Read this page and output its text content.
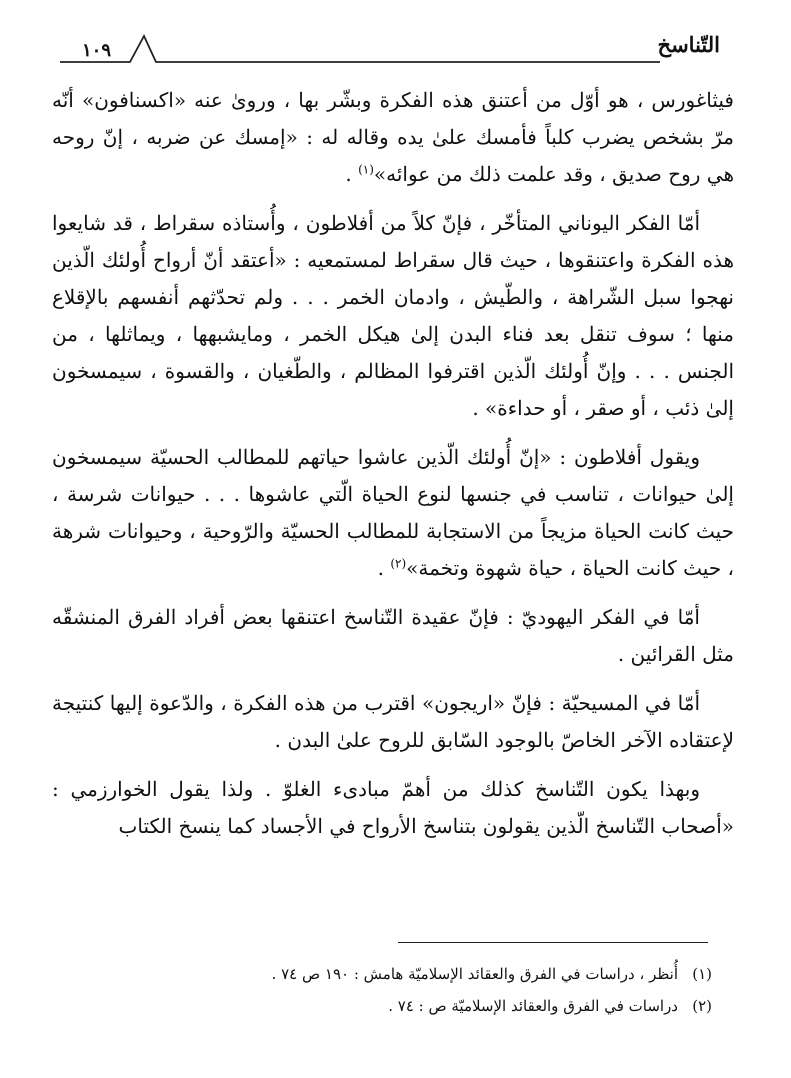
التّناسخ
١٠٩

فيثاغورس ، هو أوّل من أعتنق هذه الفكرة وبشّر بها ، وروىٰ عنه «اكسنافون» أنّه مرّ بشخص يضرب كلباً فأمسك علىٰ يده وقاله له : «إمسك عن ضربه ، إنّ روحه هي روح صديق ، وقد علمت ذلك من عوائه»$^{(١)}$ .

أمّا الفكر اليوناني المتأخّر ، فإنّ كلاً من أفلاطون ، وأُستاذه سقراط ، قد شايعوا هذه الفكرة واعتنقوها ، حيث قال سقراط لمستمعيه : «أعتقد أنّ أرواح أُولئك الّذين نهجوا سبل الشّراهة ، والطّيش ، وادمان الخمر . . . ولم تحدّثهم أنفسهم بالإقلاع منها ؛ سوف تنقل بعد فناء البدن إلىٰ هيكل الخمر ، ومايشبهها ، ويماثلها ، من الجنس . . . وإنّ أُولئك الّذين اقترفوا المظالم ، والطّغيان ، والقسوة ، سيمسخون إلىٰ ذئب ، أو صقر ، أو حداءة» .

ويقول أفلاطون : «إنّ أُولئك الّذين عاشوا حياتهم للمطالب الحسيّة سيمسخون إلىٰ حيوانات ، تناسب في جنسها لنوع الحياة الّتي عاشوها . . . حيوانات شرسة ، حيث كانت الحياة مزيجاً من الاستجابة للمطالب الحسيّة والرّوحية ، وحيوانات شرهة ، حيث كانت الحياة ، حياة شهوة وتخمة»$^{(٢)}$ .

أمّا في الفكر اليهوديّ : فإنّ عقيدة التّناسخ اعتنقها بعض أفراد الفرق المنشقّه مثل القرائين .

أمّا في المسيحيّة : فإنّ «اريجون» اقترب من هذه الفكرة ، والدّعوة إليها كنتيجة لإعتقاده الآخر الخاصّ بالوجود السّابق للروح علىٰ البدن .

وبهذا يكون التّناسخ كذلك من أهمّ مبادىء الغلوّ . ولذا يقول الخوارزمي : «أصحاب التّناسخ الّذين يقولون بتناسخ الأرواح في الأجساد كما ينسخ الكتاب

(١)أُنظر ، دراسات في الفرق والعقائد الإسلاميّة هامش : ١٩٠ ص ٧٤ .

(٢)دراسات في الفرق والعقائد الإسلاميّة ص : ٧٤ .
